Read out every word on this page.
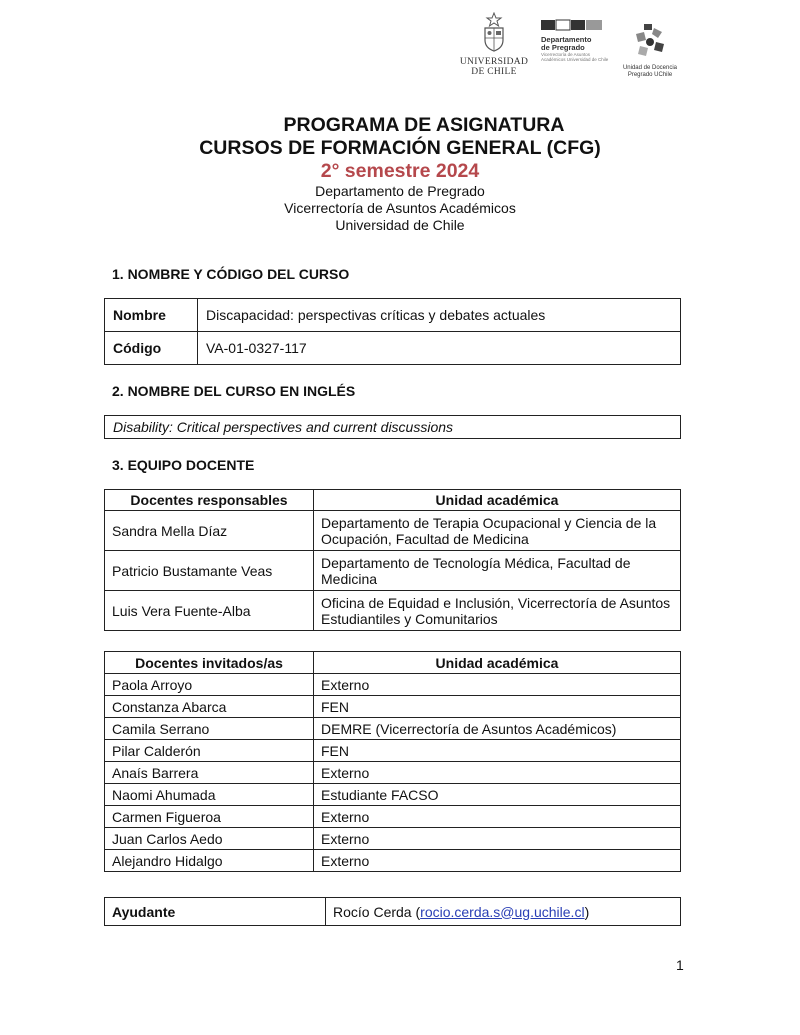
UNIVERSIDAD
DE CHILE
Departamento
de Pregrado
Vicerrectoría de Asuntos Académicos Universidad de Chile
Unidad de Docencia
Pregrado UChile
PROGRAMA DE ASIGNATURA
CURSOS DE FORMACIÓN GENERAL (CFG)
2° semestre 2024
Departamento de Pregrado
Vicerrectoría de Asuntos Académicos
Universidad de Chile
1. NOMBRE Y CÓDIGO DEL CURSO
Nombre	Discapacidad: perspectivas críticas y debates actuales
Código	VA-01-0327-117
2. NOMBRE DEL CURSO EN INGLÉS
Disability: Critical perspectives and current discussions
3. EQUIPO DOCENTE
Docentes responsables	Unidad académica
Sandra Mella Díaz	Departamento de Terapia Ocupacional y Ciencia de la Ocupación, Facultad de Medicina
Patricio Bustamante Veas	Departamento de Tecnología Médica, Facultad de Medicina
Luis Vera Fuente-Alba	Oficina de Equidad e Inclusión, Vicerrectoría de Asuntos Estudiantiles y Comunitarios
Docentes invitados/as	Unidad académica
Paola Arroyo	Externo
Constanza Abarca	FEN
Camila Serrano	DEMRE (Vicerrectoría de Asuntos Académicos)
Pilar Calderón	FEN
Anaís Barrera	Externo
Naomi Ahumada	Estudiante FACSO
Carmen Figueroa	Externo
Juan Carlos Aedo	Externo
Alejandro Hidalgo	Externo
Ayudante	Rocío Cerda (rocio.cerda.s@ug.uchile.cl)
1
